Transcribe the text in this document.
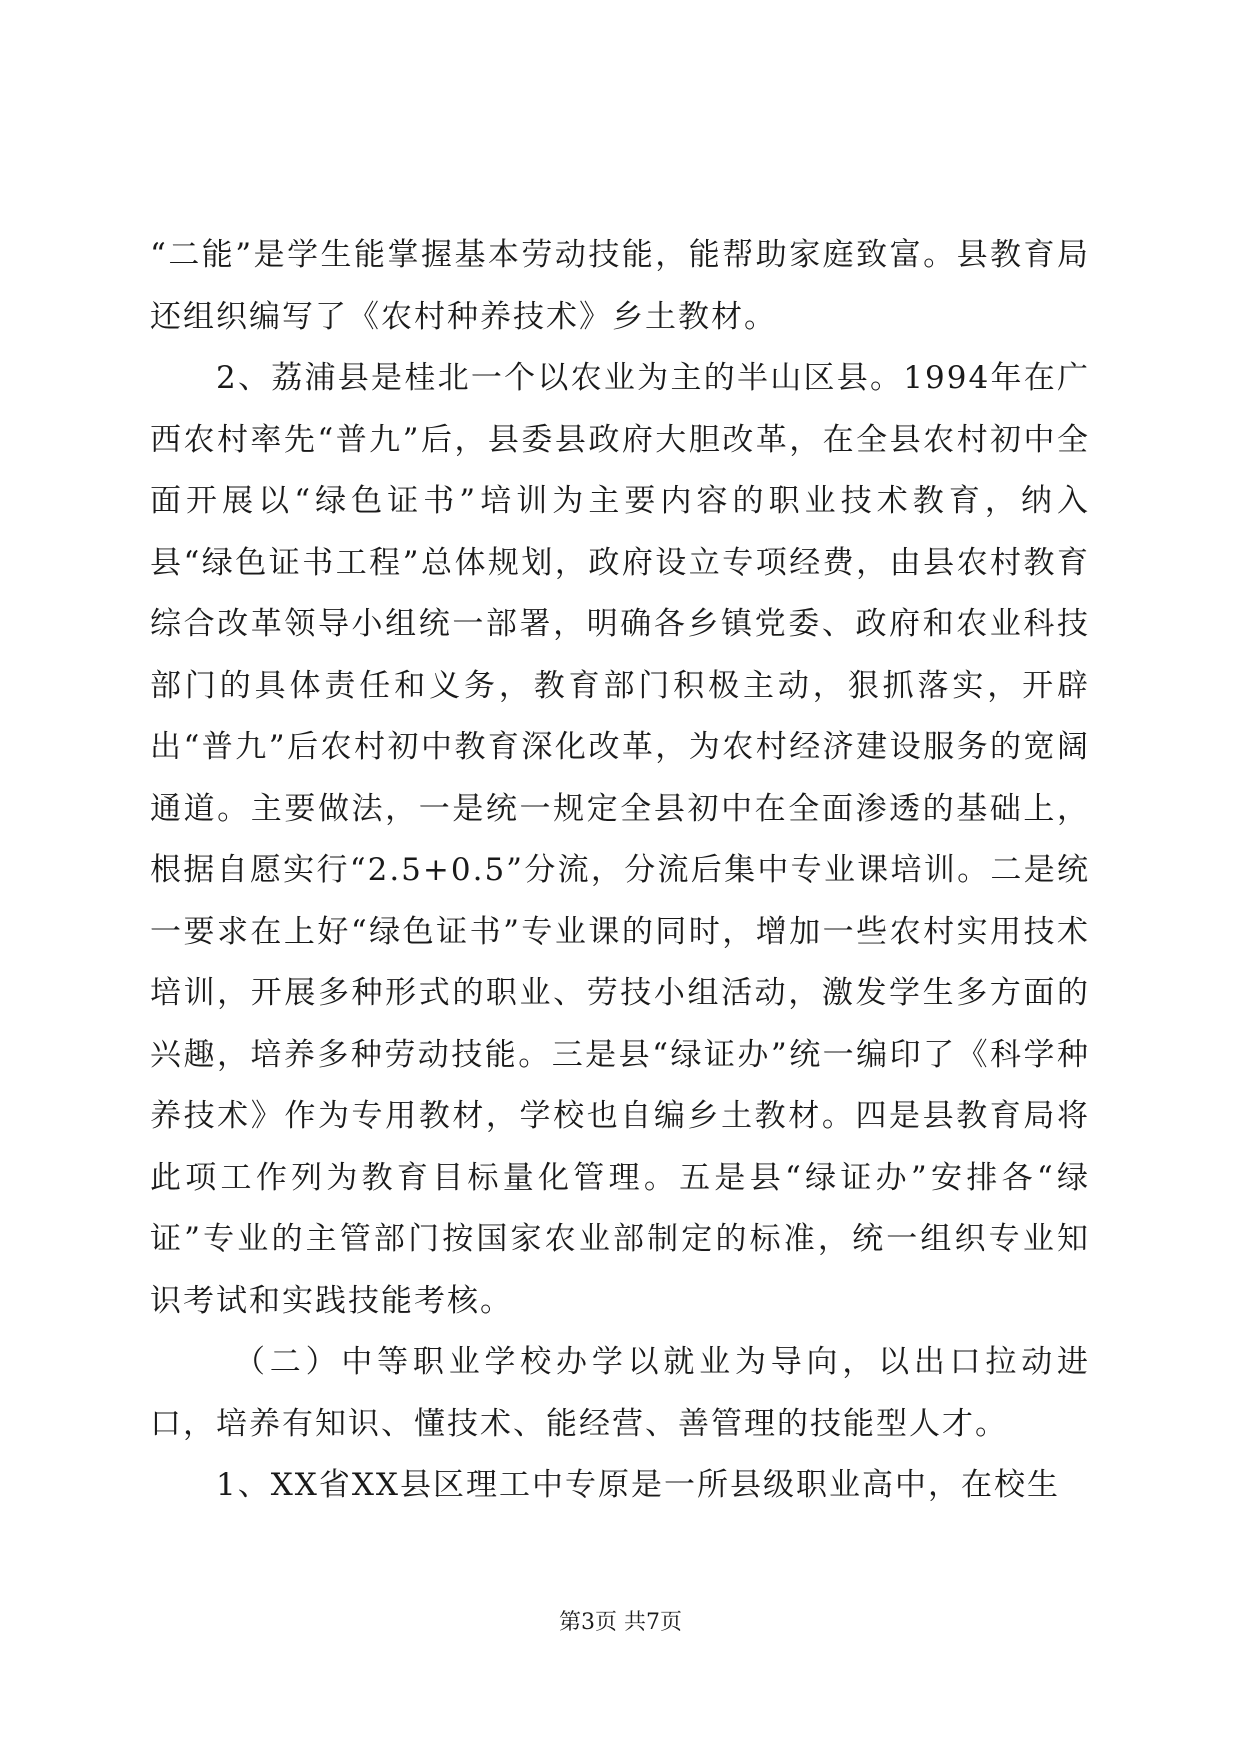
“二能”是学生能掌握基本劳动技能，能帮助家庭致富。县教育局还组织编写了《农村种养技术》乡土教材。

2、荔浦县是桂北一个以农业为主的半山区县。1994年在广西农村率先“普九”后，县委县政府大胆改革，在全县农村初中全面开展以“绿色证书”培训为主要内容的职业技术教育，纳入县“绿色证书工程”总体规划，政府设立专项经费，由县农村教育综合改革领导小组统一部署，明确各乡镇党委、政府和农业科技部门的具体责任和义务，教育部门积极主动，狠抓落实，开辟出“普九”后农村初中教育深化改革，为农村经济建设服务的宽阔通道。主要做法，一是统一规定全县初中在全面渗透的基础上，根据自愿实行“2.5+0.5”分流，分流后集中专业课培训。二是统一要求在上好“绿色证书”专业课的同时，增加一些农村实用技术培训，开展多种形式的职业、劳技小组活动，激发学生多方面的兴趣，培养多种劳动技能。三是县“绿证办”统一编印了《科学种养技术》作为专用教材，学校也自编乡土教材。四是县教育局将此项工作列为教育目标量化管理。五是县“绿证办”安排各“绿证”专业的主管部门按国家农业部制定的标准，统一组织专业知识考试和实践技能考核。

（二）中等职业学校办学以就业为导向，以出口拉动进口，培养有知识、懂技术、能经营、善管理的技能型人才。

1、XX省XX县区理工中专原是一所县级职业高中，在校生

第3页 共7页
